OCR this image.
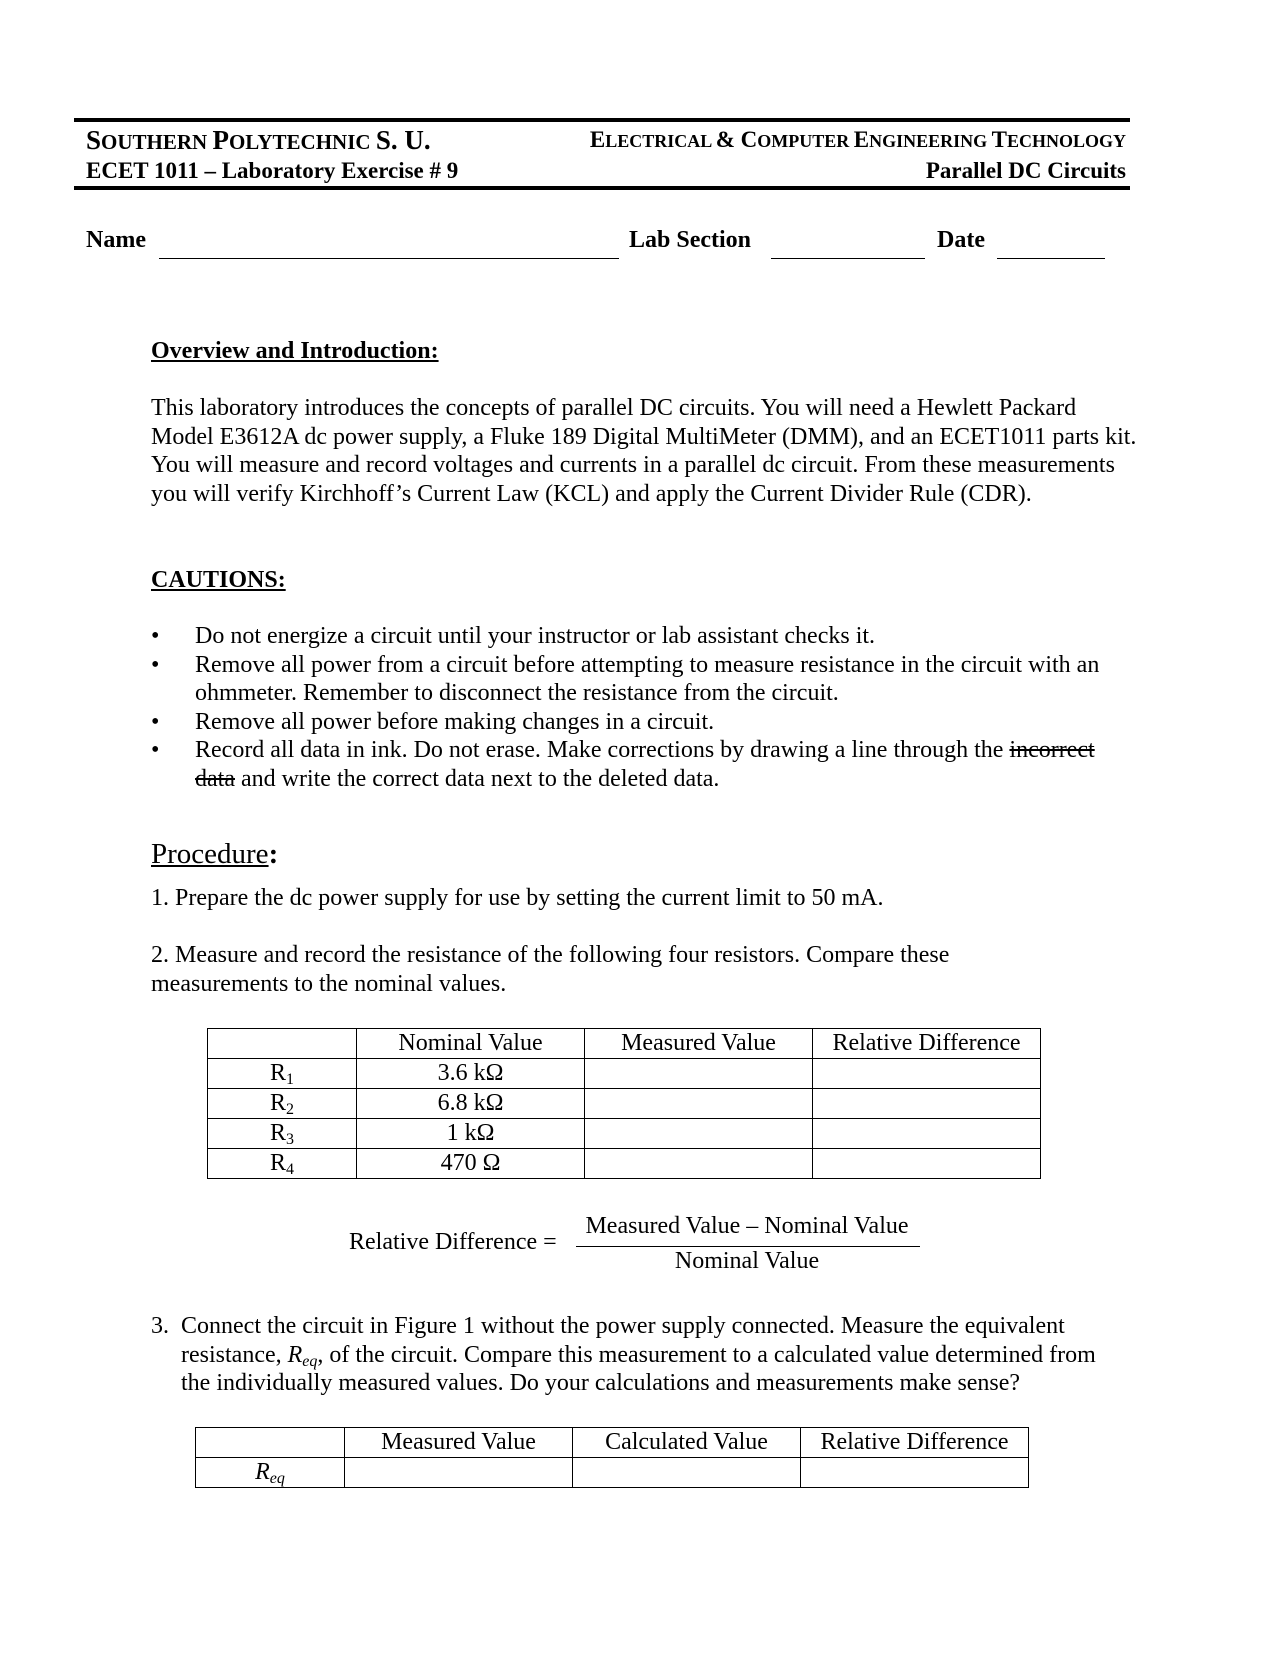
SOUTHERN POLYTECHNIC S. U.	ELECTRICAL & COMPUTER ENGINEERING TECHNOLOGY
ECET 1011 – Laboratory Exercise # 9	Parallel DC Circuits
Name	Lab Section	Date
Overview and Introduction:

This laboratory introduces the concepts of parallel DC circuits. You will need a Hewlett Packard Model E3612A dc power supply, a Fluke 189 Digital MultiMeter (DMM), and an ECET1011 parts kit. You will measure and record voltages and currents in a parallel dc circuit. From these measurements you will verify Kirchhoff’s Current Law (KCL) and apply the Current Divider Rule (CDR).

CAUTIONS:
• Do not energize a circuit until your instructor or lab assistant checks it.
• Remove all power from a circuit before attempting to measure resistance in the circuit with an ohmmeter. Remember to disconnect the resistance from the circuit.
• Remove all power before making changes in a circuit.
• Record all data in ink. Do not erase. Make corrections by drawing a line through the incorrect data and write the correct data next to the deleted data.
Procedure:

1. Prepare the dc power supply for use by setting the current limit to 50 mA.

2. Measure and record the resistance of the following four resistors. Compare these measurements to the nominal values.

	Nominal Value	Measured Value	Relative Difference
$R_1$	3.6 kΩ		
$R_2$	6.8 kΩ		
$R_3$	1 kΩ		
$R_4$	470 Ω		
Relative Difference =
Measured Value – Nominal Value
Nominal Value
3. Connect the circuit in Figure 1 without the power supply connected. Measure the equivalent resistance, $R_{eq}$, of the circuit. Compare this measurement to a calculated value determined from the individually measured values. Do your calculations and measurements make sense?
	Measured Value	Calculated Value	Relative Difference
$R_{eq}$			
